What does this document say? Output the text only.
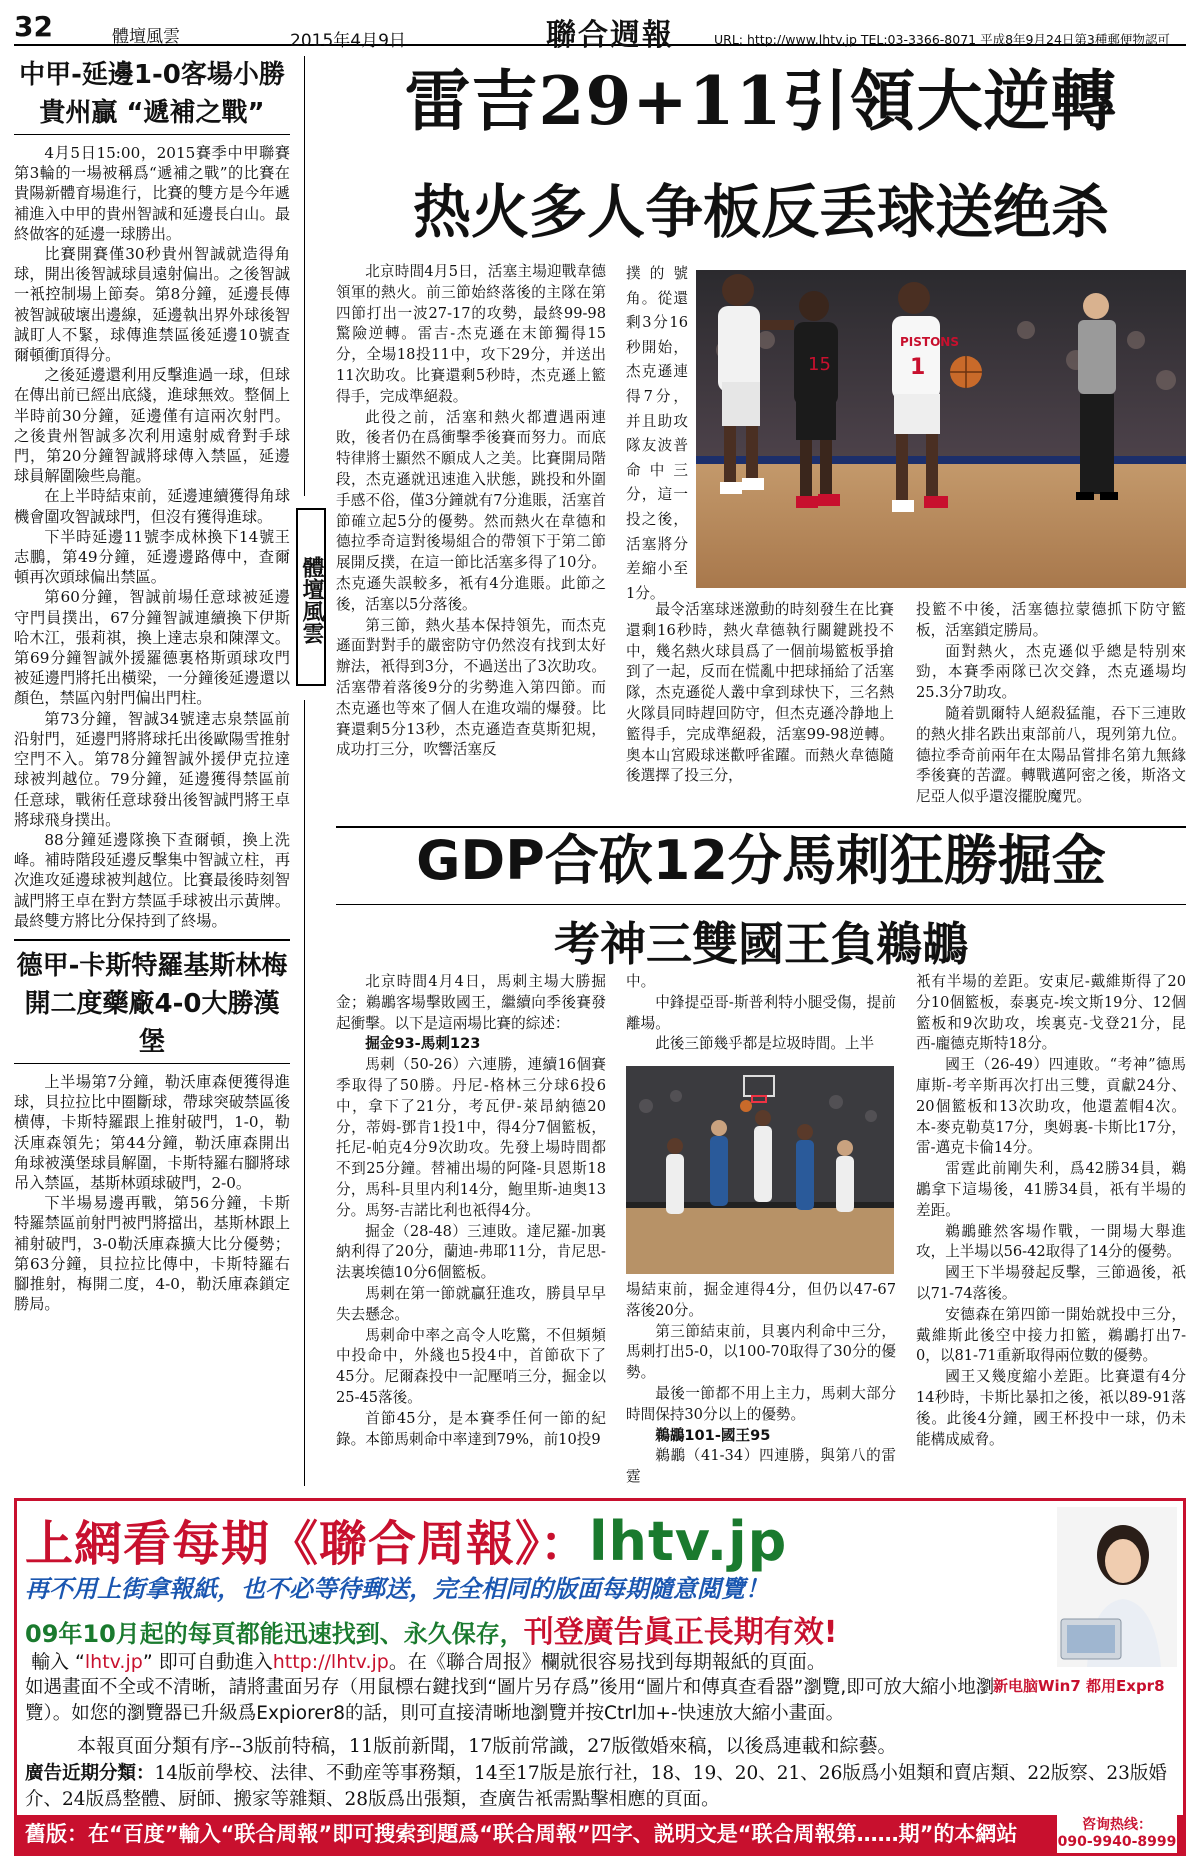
32	體壇風雲	2015年4月9日	聯合週報	URL: http://www.lhtv.jp TEL:03-3366-8071 平成8年9月24日第3種郵便物認可
中甲-延邊1-0客場小勝
貴州贏 “遞補之戰”

4月5日15:00，2015賽季中甲聯賽第3輪的一場被稱爲“遞補之戰”的比賽在貴陽新體育場進行，比賽的雙方是今年遞補進入中甲的貴州智誠和延邊長白山。最終做客的延邊一球勝出。

比賽開賽僅30秒貴州智誠就造得角球，開出後智誠球員遠射偏出。之後智誠一衹控制場上節奏。第8分鐘，延邊長傳被智誠破壞出邊線，延邊執出界外球後智誠盯人不緊，球傳進禁區後延邊10號查爾頓衝頂得分。

之後延邊還利用反擊進過一球，但球在傳出前已經出底綫，進球無效。整個上半時前30分鐘，延邊僅有這兩次射門。之後貴州智誠多次利用遠射威脅對手球門，第20分鐘智誠將球傳入禁區，延邊球員解圍險些烏龍。

在上半時結束前，延邊連續獲得角球機會圍攻智誠球門，但沒有獲得進球。

下半時延邊11號李成林換下14號王志鵬，第49分鐘，延邊邊路傳中，查爾頓再次頭球偏出禁區。

第60分鐘，智誠前場任意球被延邊守門員撲出，67分鐘智誠連續換下伊斯哈木江，張莉祺，換上達志泉和陳澤文。第69分鐘智誠外援羅德裏格斯頭球攻門被延邊門將托出橫梁，一分鐘後延邊還以顏色，禁區內射門偏出門柱。

第73分鐘，智誠34號達志泉禁區前沿射門，延邊門將將球托出後歐陽雪推射空門不入。第78分鐘智誠外援伊克拉達球被判越位。79分鐘，延邊獲得禁區前任意球，戰術任意球發出後智誠門將王卓將球飛身撲出。

88分鐘延邊隊換下查爾頓，換上洗峰。補時階段延邊反擊集中智誠立柱，再次進攻延邊球被判越位。比賽最後時刻智誠門將王卓在對方禁區手球被出示黃牌。最終雙方將比分保持到了終場。

德甲-卡斯特羅基斯林梅
開二度藥廠4-0大勝漢堡

上半場第7分鐘，勒沃庫森便獲得進球，貝拉拉比中圈斷球，帶球突破禁區後横傳，卡斯特羅跟上推射破門，1-0，勒沃庫森領先；第44分鐘，勒沃庫森開出角球被漢堡球員解圍，卡斯特羅右腳將球吊入禁區，基斯林頭球破門，2-0。

下半場易邊再戰，第56分鐘，卡斯特羅禁區前射門被門將擋出，基斯林跟上補射破門，3-0勒沃庫森擴大比分優勢；第63分鐘，貝拉拉比傳中，卡斯特羅右腳推射，梅開二度，4-0，勒沃庫森鎖定勝局。

體壇風雲
雷吉29+11引領大逆轉
热火多人争板反丢球送绝杀

北京時間4月5日，活塞主場迎戰韋德領軍的熱火。前三節始終落後的主隊在第四節打出一波27-17的攻勢，最終99-98驚險逆轉。雷吉-杰克遜在末節獨得15分，全場18投11中，攻下29分，并送出11次助攻。比賽還剩5秒時，杰克遜上籃得手，完成準絕殺。

此役之前，活塞和熱火都遭遇兩連敗，後者仍在爲衝擊季後賽而努力。而底特律將士顯然不願成人之美。比賽開局階段，杰克遜就迅速進入狀態，跳投和外圍手感不俗，僅3分鐘就有7分進賬，活塞首節確立起5分的優勢。然而熱火在韋德和德拉季奇這對後場組合的帶領下于第二節展開反撲，在這一節比活塞多得了10分。杰克遜失誤較多，衹有4分進賬。此節之後，活塞以5分落後。

第三節，熱火基本保持領先，而杰克遜面對對手的嚴密防守仍然沒有找到太好辦法，衹得到3分，不過送出了3次助攻。活塞帶着落後9分的劣勢進入第四節。而杰克遜也等來了個人在進攻端的爆發。比賽還剩5分13秒，杰克遜造查莫斯犯規，成功打三分，吹響活塞反

撲的號角。從還剩3分16秒開始，杰克遜連得7分，并且助攻隊友波普命中三分，這一投之後，活塞將分差縮小至1分。
15
PISTONS
1

最令活塞球迷激動的時刻發生在比賽還剩16秒時，熱火韋德執行關鍵跳投不中，幾名熱火球員爲了一個前場籃板爭搶到了一起，反而在慌亂中把球捅給了活塞隊，杰克遜從人叢中拿到球快下，三名熱火隊員同時趕回防守，但杰克遜冷静地上籃得手，完成準絕殺，活塞99-98逆轉。奥本山宮殿球迷歡呼雀躍。而熱火韋德隨後選擇了投三分，

投籃不中後，活塞德拉蒙德抓下防守籃板，活塞鎖定勝局。

面對熱火，杰克遜似乎總是特别來勁，本賽季兩隊已次交鋒，杰克遜場均25.3分7助攻。

隨着凱爾特人絕殺猛龍，吞下三連敗的熱火排名跌出東部前八，現列第九位。德拉季奇前兩年在太陽品嘗排名第九無緣季後賽的苦澀。轉戰邁阿密之後，斯洛文尼亞人似乎還沒擺脫魔咒。

GDP合砍12分馬刺狂勝掘金
考神三雙國王負鵜鶘

北京時間4月4日，馬刺主場大勝掘金；鵜鶘客場擊敗國王，繼續向季後賽發起衝擊。以下是這兩場比賽的綜述：

掘金93-馬刺123

馬刺（50-26）六連勝，連續16個賽季取得了50勝。丹尼-格林三分球6投6中，拿下了21分，考瓦伊-萊昂納德20分，蒂姆-鄧肯1投1中，得4分7個籃板，托尼-帕克4分9次助攻。先發上場時間都不到25分鐘。替補出場的阿隆-貝恩斯18分，馬科-貝里内利14分，鮑里斯-迪奥13分。馬努-吉諾比利也祇得4分。

掘金（28-48）三連敗。達尼羅-加裏納利得了20分，蘭迪-弗耶11分，肯尼思-法裏埃德10分6個籃板。

馬刺在第一節就贏狂進攻，勝員早早失去懸念。

馬刺命中率之高令人吃驚，不但頻頻中投命中，外綫也5投4中，首節砍下了45分。尼爾森投中一記壓哨三分，掘金以25-45落後。

首節45分，是本賽季任何一節的紀錄。本節馬刺命中率達到79%，前10投9

中。

中鋒提亞哥-斯普利特小腿受傷，提前離場。

此後三節幾乎都是垃圾時間。上半

場結束前，掘金連得4分，但仍以47-67落後20分。

第三節結束前，貝裏内利命中三分，馬刺打出5-0，以100-70取得了30分的優勢。

最後一節都不用上主力，馬刺大部分時間保持30分以上的優勢。

鵜鶘101-國王95

鵜鶘（41-34）四連勝，與第八的雷霆

衹有半場的差距。安東尼-戴維斯得了20分10個籃板，泰裏克-埃文斯19分、12個籃板和9次助攻，埃裏克-戈登21分，昆西-龐德克斯特18分。

國王（26-49）四連敗。“考神”德馬庫斯-考辛斯再次打出三雙，貢獻24分、20個籃板和13次助攻，他還蓋帽4次。本-麥克勒莫17分，奥姆裏-卡斯比17分，雷-邁克卡倫14分。

雷霆此前剛失利，爲42勝34員，鵜鶘拿下這場後，41勝34員，祇有半場的差距。

鵜鶘雖然客場作戰，一開場大舉進攻，上半場以56-42取得了14分的優勢。

國王下半場發起反擊，三節過後，祇以71-74落後。

安德森在第四節一開始就投中三分，戴維斯此後空中接力扣籃，鵜鶘打出7-0，以81-71重新取得兩位數的優勢。

國王又幾度縮小差距。比賽還有4分14秒時，卡斯比暴扣之後，祇以89-91落後。此後4分鐘，國王杯投中一球，仍未能構成威脅。

上網看每期《聯合周報》：lhtv.jp
再不用上街拿報紙，也不必等待郵送，完全相同的版面每期隨意閲覽！
09年10月起的每頁都能迅速找到、永久保存，刊登廣告眞正長期有效!
輸入 “lhtv.jp” 即可自動進入http://lhtv.jp。在《聯合周报》欄就很容易找到每期報紙的頁面。
如遇畫面不全或不清晰，請將畫面另存（用鼠標右鍵找到“圖片另存爲”後用“圖片和傳真查看器”瀏覽,即可放大縮小地瀏覽）。如您的瀏覽器已升級爲Expiorer8的話，則可直接清晰地瀏覽并按Ctrl加+-快速放大縮小畫面。
新电脑Win7 都用Expr8
本報頁面分類有序--3版前特稿，11版前新聞，17版前常識，27版徵婚來稿，以後爲連載和綜藝。
廣告近期分類：14版前學校、法律、不動産等事務類，14至17版是旅行社，18、19、20、21、26版爲小姐類和賣店類、22版察、23版婚介、24版爲整體、厨師、搬家等雜類、28版爲出張類，查廣告衹需點擊相應的頁面。
舊版：在“百度”輸入“联合周報”即可搜索到題爲“联合周報”四字、説明文是“联合周報第……期”的本網站	咨询热线：
090-9940-8999
